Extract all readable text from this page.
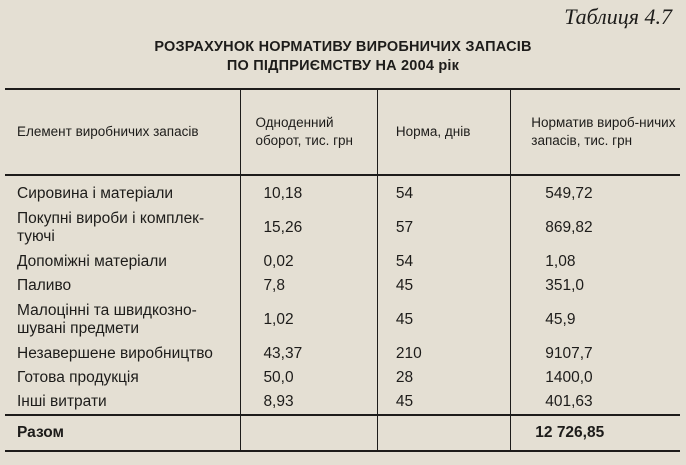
Таблиця 4.7
РОЗРАХУНОК НОРМАТИВУ ВИРОБНИЧИХ ЗАПАСІВ
ПО ПІДПРИЄМСТВУ НА 2004 рік
Елемент виробничих запасів	Одноденний оборот, тис. грн	Норма, днів	Норматив вироб-ничих запасів, тис. грн
Сировина і матеріали	10,18	54	549,72
Покупні вироби і комплек-туючі	15,26	57	869,82
Допоміжні матеріали	0,02	54	1,08
Паливо	7,8	45	351,0
Малоцінні та швидкозно-шувані предмети	1,02	45	45,9
Незавершене виробництво	43,37	210	9107,7
Готова продукція	50,0	28	1400,0
Інші витрати	8,93	45	401,63
Разом			12 726,85
